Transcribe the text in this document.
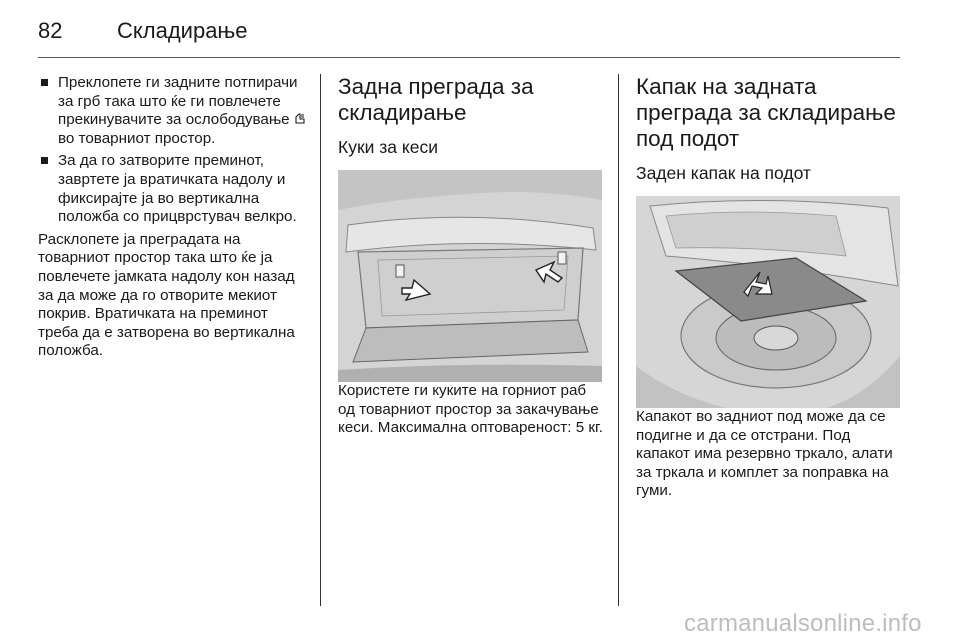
82 Складирање
Преклопете ги задните потпирачи за грб така што ќе ги повлечете прекинувачите за ослободување  во товарниот простор.
За да го затворите преминот, завртете ја вратичката надолу и фиксирајте ја во вертикална положба со прицврстувач велкро.

Расклопете ја преградата на товарниот простор така што ќе ја повлечете јамката надолу кон назад за да може да го отворите мекиот покрив. Вратичката на преминот треба да е затворена во вертикална положба.

Задна преграда за складирање
Куки за кеси

Користете ги куките на горниот раб од товарниот простор за закачување кеси. Максимална оптовареност: 5 кг.

Капак на задната преграда за складирање под подот
Заден капак на подот

Капакот во задниот под може да се подигне и да се отстрани. Под капакот има резервно тркало, алати за тркала и комплет за поправка на гуми.

carmanualsonline.info
